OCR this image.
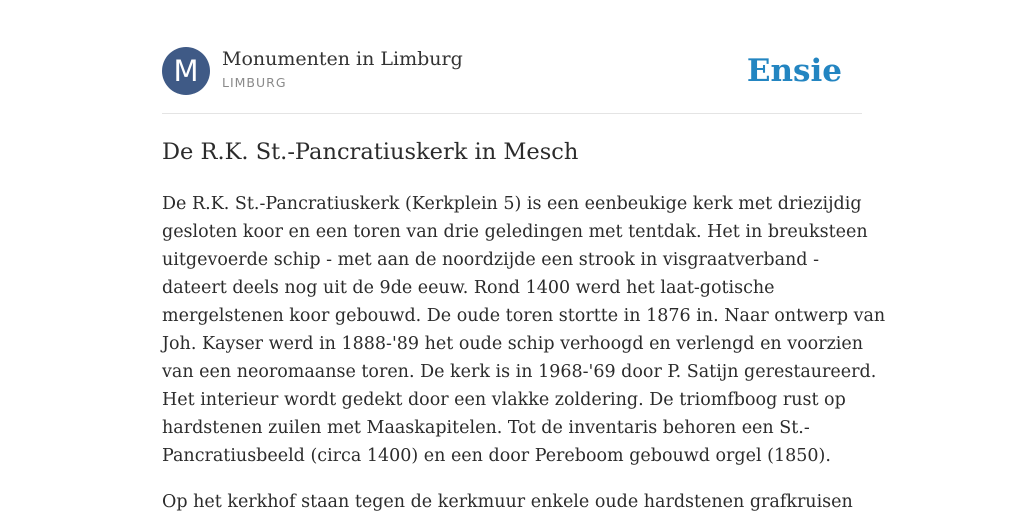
M	Monumenten in Limburg
LIMBURG	Ensie
De R.K. St.-Pancratiuskerk in Mesch
De R.K. St.-Pancratiuskerk (Kerkplein 5) is een eenbeukige kerk met driezijdig
gesloten koor en een toren van drie geledingen met tentdak. Het in breuksteen
uitgevoerde schip - met aan de noordzijde een strook in visgraatverband -
dateert deels nog uit de 9de eeuw. Rond 1400 werd het laat-gotische
mergelstenen koor gebouwd. De oude toren stortte in 1876 in. Naar ontwerp van
Joh. Kayser werd in 1888-'89 het oude schip verhoogd en verlengd en voorzien
van een neoromaanse toren. De kerk is in 1968-'69 door P. Satijn gerestaureerd.
Het interieur wordt gedekt door een vlakke zoldering. De triomfboog rust op
hardstenen zuilen met Maaskapitelen. Tot de inventaris behoren een St.-
Pancratiusbeeld (circa 1400) en een door Pereboom gebouwd orgel (1850).
Op het kerkhof staan tegen de kerkmuur enkele oude hardstenen grafkruisen
